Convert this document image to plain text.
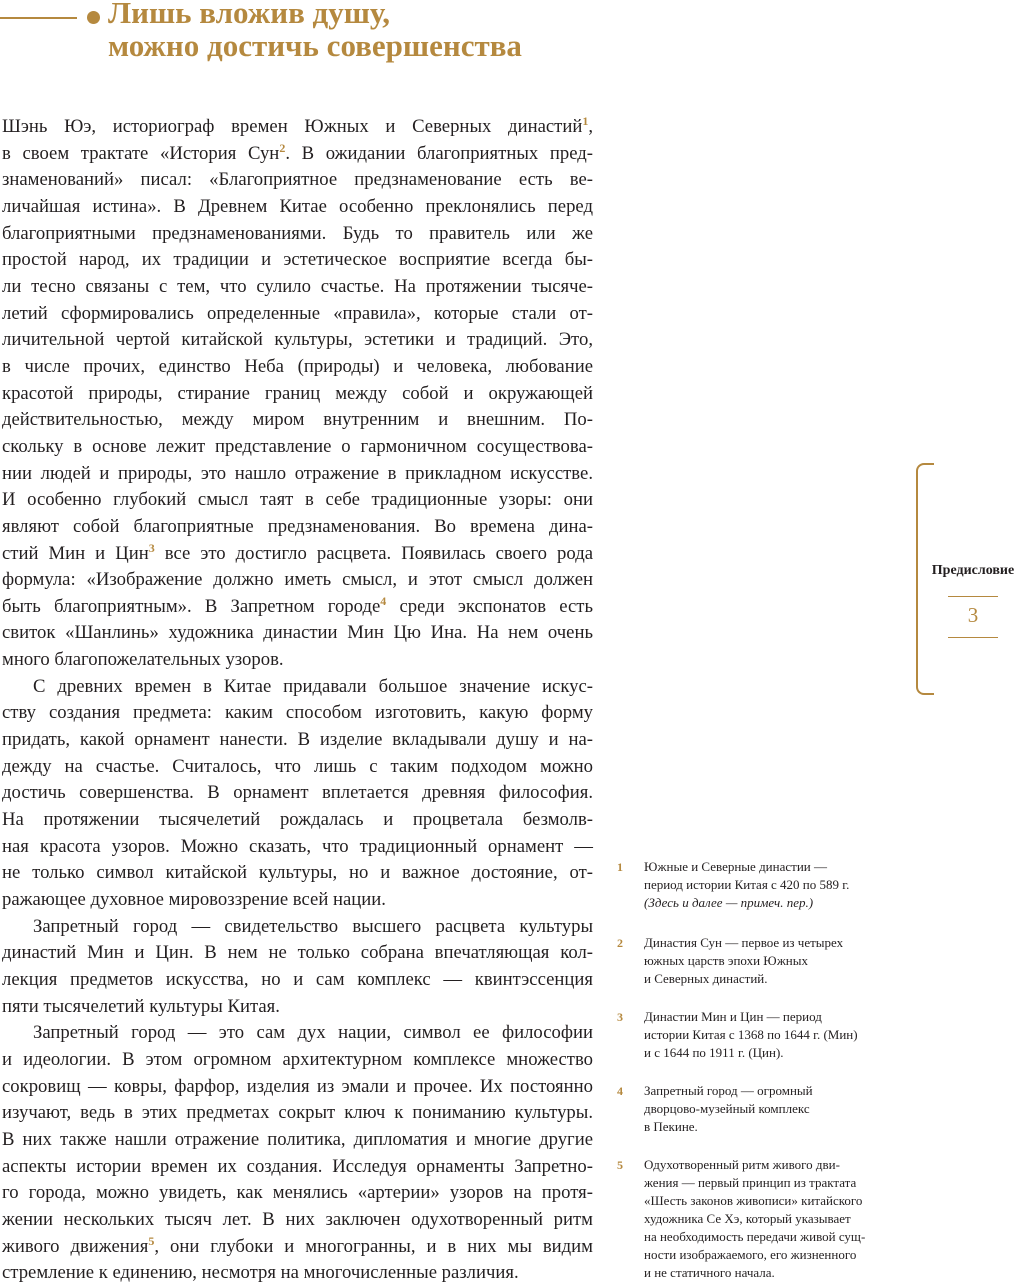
Лишь вложив душу,
можно достичь совершенства
Шэнь Юэ, историограф времен Южных и Северных династий$^1$,
в своем трактате «История Сун$^2$. В ожидании благоприятных пред-
знаменований» писал: «Благоприятное предзнаменование есть ве-
личайшая истина». В Древнем Китае особенно преклонялись перед
благоприятными предзнаменованиями. Будь то правитель или же
простой народ, их традиции и эстетическое восприятие всегда бы-
ли тесно связаны с тем, что сулило счастье. На протяжении тысяче-
летий сформировались определенные «правила», которые стали от-
личительной чертой китайской культуры, эстетики и традиций. Это,
в числе прочих, единство Неба (природы) и человека, любование
красотой природы, стирание границ между собой и окружающей
действительностью, между миром внутренним и внешним. По-
скольку в основе лежит представление о гармоничном сосуществова-
нии людей и природы, это нашло отражение в прикладном искусстве.
И особенно глубокий смысл таят в себе традиционные узоры: они
являют собой благоприятные предзнаменования. Во времена дина-
стий Мин и Цин$^3$ все это достигло расцвета. Появилась своего рода
формула: «Изображение должно иметь смысл, и этот смысл должен
быть благоприятным». В Запретном городе$^4$ среди экспонатов есть
свиток «Шанлинь» художника династии Мин Цю Ина. На нем очень
много благопожелательных узоров.
С древних времен в Китае придавали большое значение искус-
ству создания предмета: каким способом изготовить, какую форму
придать, какой орнамент нанести. В изделие вкладывали душу и на-
дежду на счастье. Считалось, что лишь с таким подходом можно
достичь совершенства. В орнамент вплетается древняя философия.
На протяжении тысячелетий рождалась и процветала безмолв-
ная красота узоров. Можно сказать, что традиционный орнамент —
не только символ китайской культуры, но и важное достояние, от-
ражающее духовное мировоззрение всей нации.
Запретный город — свидетельство высшего расцвета культуры
династий Мин и Цин. В нем не только собрана впечатляющая кол-
лекция предметов искусства, но и сам комплекс — квинтэссенция
пяти тысячелетий культуры Китая.
Запретный город — это сам дух нации, символ ее философии
и идеологии. В этом огромном архитектурном комплексе множество
сокровищ — ковры, фарфор, изделия из эмали и прочее. Их постоянно
изучают, ведь в этих предметах сокрыт ключ к пониманию культуры.
В них также нашли отражение политика, дипломатия и многие другие
аспекты истории времен их создания. Исследуя орнаменты Запретно-
го города, можно увидеть, как менялись «артерии» узоров на протя-
жении нескольких тысяч лет. В них заключен одухотворенный ритм
живого движения$^5$, они глубоки и многогранны, и в них мы видим
стремление к единению, несмотря на многочисленные различия.
Предисловие
3
1 Южные и Северные династии —
период истории Китая с 420 по 589 г.
(Здесь и далее — примеч. пер.)
2 Династия Сун — первое из четырех
южных царств эпохи Южных
и Северных династий.
3 Династии Мин и Цин — период
истории Китая с 1368 по 1644 г. (Мин)
и с 1644 по 1911 г. (Цин).
4 Запретный город — огромный
дворцово-музейный комплекс
в Пекине.
5 Одухотворенный ритм живого дви-
жения — первый принцип из трактата
«Шесть законов живописи» китайского
художника Се Хэ, который указывает
на необходимость передачи живой сущ-
ности изображаемого, его жизненного
и не статичного начала.
